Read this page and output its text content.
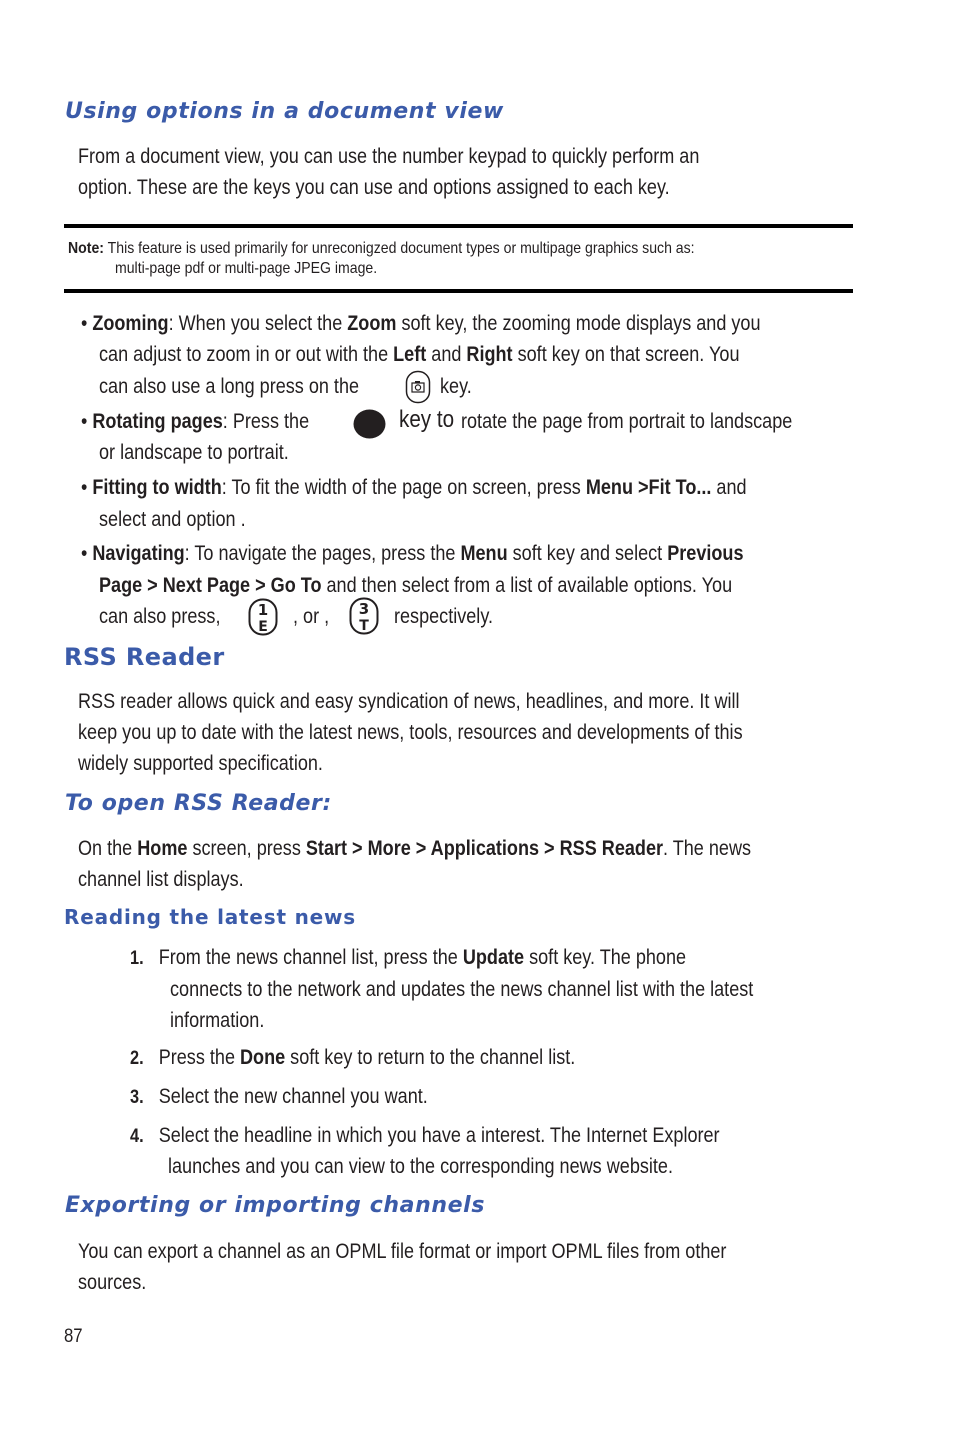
Using options in a document view
From a document view, you can use the number keypad to quickly perform an
option. These are the keys you can use and options assigned to each key.
Note: This feature is used primarily for unreconigzed document types or multipage graphics such as:
multi-page pdf or multi-page JPEG image.
• Zooming: When you select the Zoom soft key, the zooming mode displays and you
can adjust to zoom in or out with the Left and Right soft key on that screen. You
can also use a long press on the	key.
• Rotating pages: Press the	key to rotate the page from portrait to landscape
or landscape to portrait.
• Fitting to width: To fit the width of the page on screen, press Menu >Fit To... and
select and option .
• Navigating: To navigate the pages, press the Menu soft key and select Previous
Page > Next Page > Go To and then select from a list of available options. You
can also press, 1
E , or , 3
T respectively.
RSS Reader
RSS reader allows quick and easy syndication of news, headlines, and more. It will
keep you up to date with the latest news, tools, resources and developments of this
widely supported specification.
To open RSS Reader:
On the Home screen, press Start > More > Applications > RSS Reader. The news
channel list displays.
Reading the latest news
1. From the news channel list, press the Update soft key. The phone
connects to the network and updates the news channel list with the latest
information.
2. Press the Done soft key to return to the channel list.
3. Select the new channel you want.
4. Select the headline in which you have a interest. The Internet Explorer
launches and you can view to the corresponding news website.
Exporting or importing channels
You can export a channel as an OPML file format or import OPML files from other
sources.
87
